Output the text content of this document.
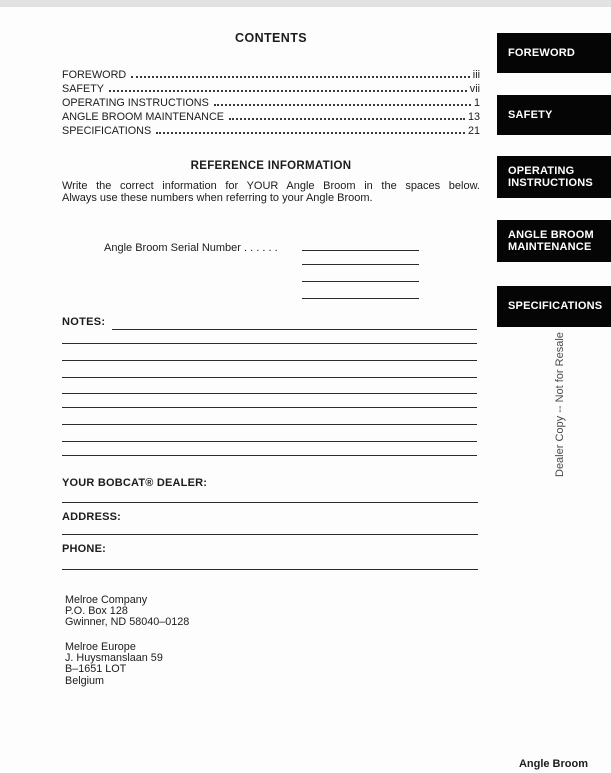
CONTENTS
FOREWORD	iii
SAFETY	vii
OPERATING INSTRUCTIONS	1
ANGLE BROOM MAINTENANCE	13
SPECIFICATIONS	21
REFERENCE INFORMATION
Write the correct information for YOUR Angle Broom in the spaces below.
Always use these numbers when referring to your Angle Broom.
Angle Broom Serial Number . . . . . .
NOTES:
YOUR BOBCAT® DEALER:
ADDRESS:
PHONE:
Melroe Company
P.O. Box 128
Gwinner, ND 58040–0128
Melroe Europe
J. Huysmanslaan 59
B–1651 LOT
Belgium
FOREWORD
SAFETY
OPERATING INSTRUCTIONS
ANGLE BROOM MAINTENANCE
SPECIFICATIONS
Dealer Copy -- Not for Resale
Angle Broom
